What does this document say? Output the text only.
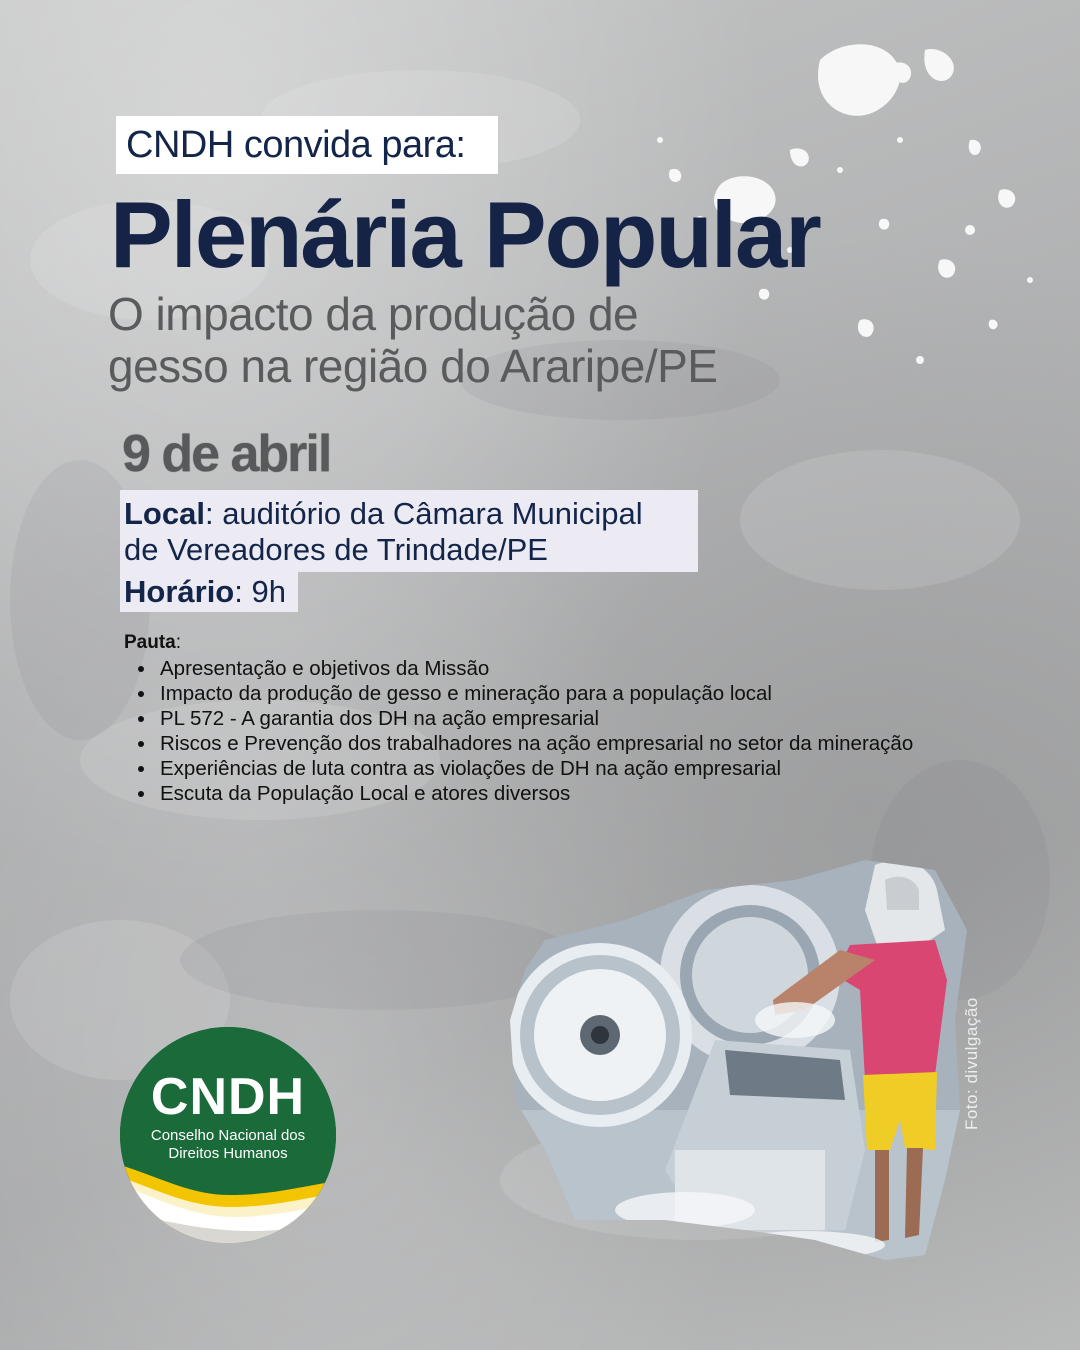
CNDH convida para:
Plenária Popular
O impacto da produção de
gesso na região do Araripe/PE
9 de abril
Local: auditório da Câmara Municipal
de Vereadores de Trindade/PE
Horário: 9h
Pauta:
Apresentação e objetivos da Missão
Impacto da produção de gesso e mineração para a população local
PL 572 - A garantia dos DH na ação empresarial
Riscos e Prevenção dos trabalhadores na ação empresarial no setor da mineração
Experiências de luta contra as violações de DH na ação empresarial
Escuta da População Local e atores diversos
Foto: divulgação
CNDH
Conselho Nacional dos Direitos Humanos
